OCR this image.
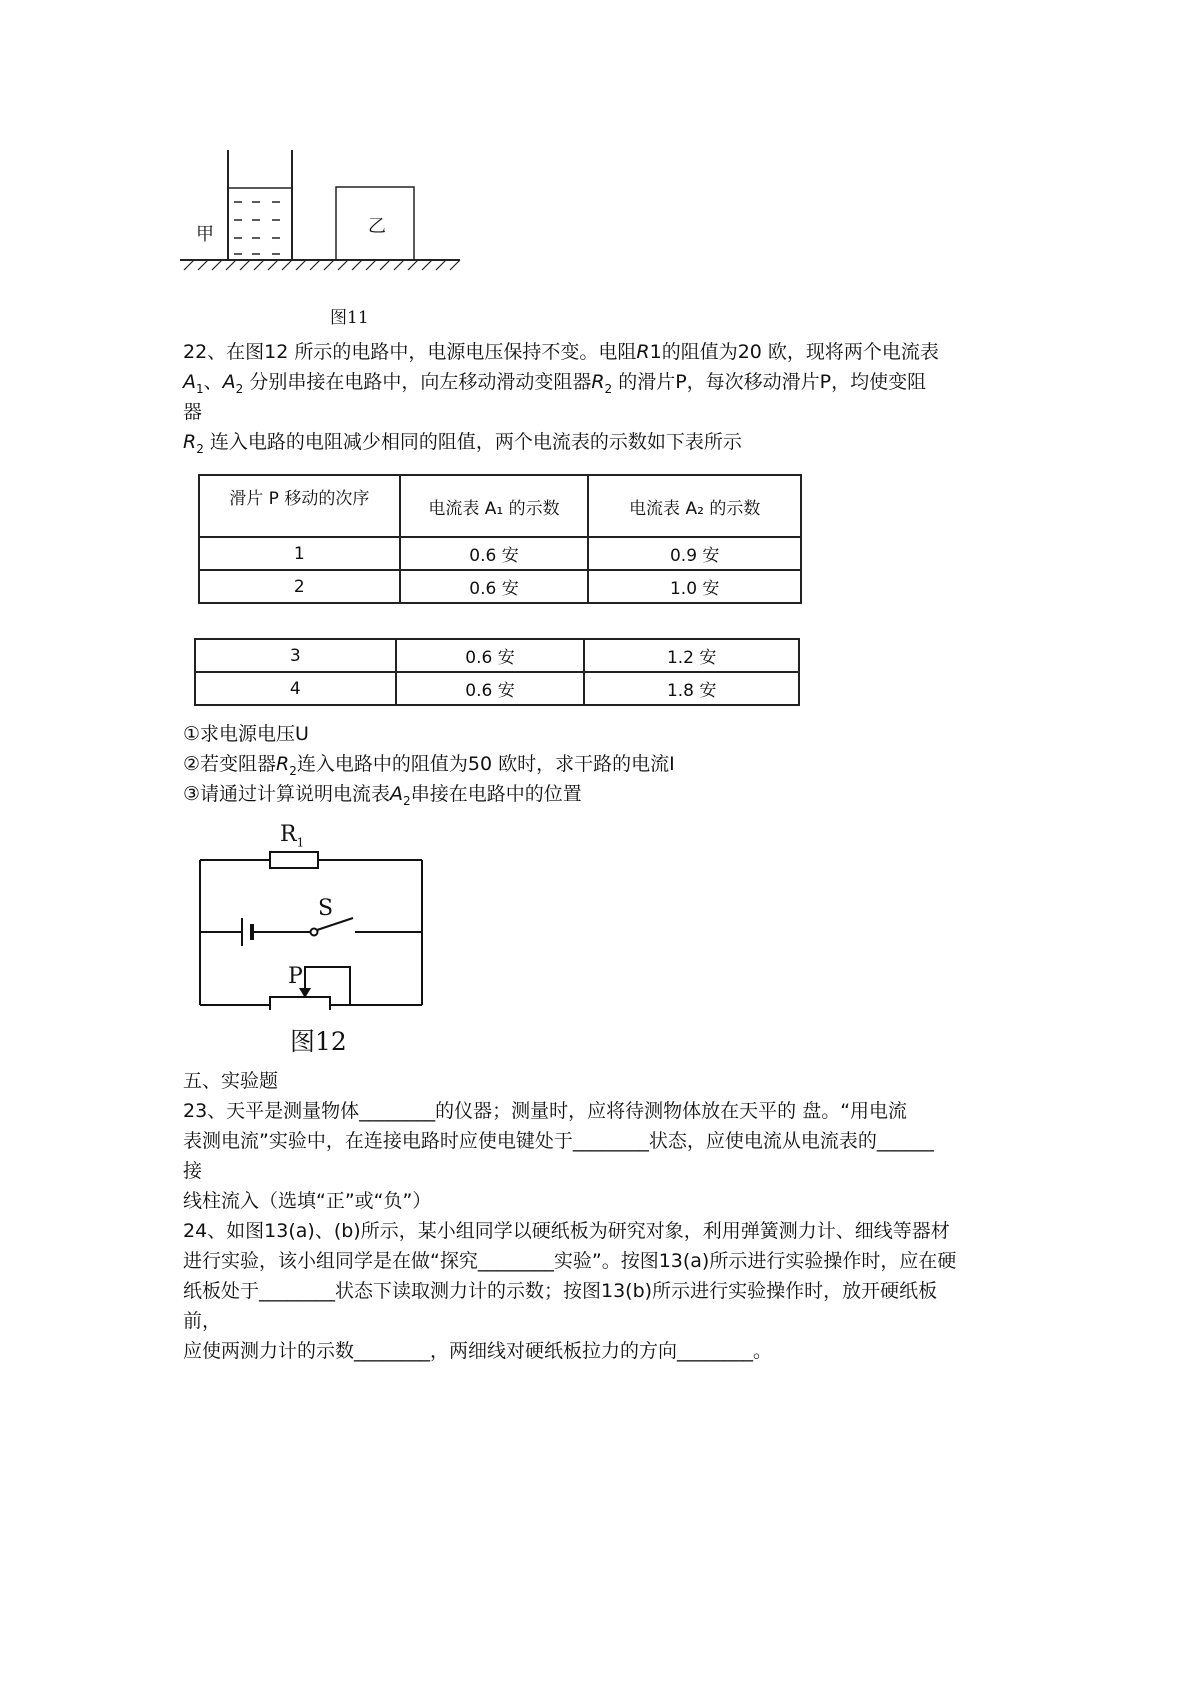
甲	乙
图11
22、在图12 所示的电路中，电源电压保持不变。电阻R1的阻值为20 欧，现将两个电流表
$A_1$、$A_2$ 分别串接在电路中，向左移动滑动变阻器$R_2$ 的滑片P，每次移动滑片P，均使变阻
器
$R_2$ 连入电路的电阻减少相同的阻值，两个电流表的示数如下表所示
滑片 P 移动的次序	电流表 A₁ 的示数	电流表 A₂ 的示数
1	0.6 安	0.9 安
2	0.6 安	1.0 安
3	0.6 安	1.2 安
4	0.6 安	1.8 安
①求电源电压U
②若变阻器$R_2$连入电路中的阻值为50 欧时，求干路的电流I
③请通过计算说明电流表$A_2$串接在电路中的位置
$R_1$
S
P
图12
五、实验题
23、天平是测量物体________的仪器；测量时，应将待测物体放在天平的 盘。“用电流
表测电流”实验中，在连接电路时应使电键处于________状态，应使电流从电流表的______
接
线柱流入（选填“正”或“负”）
24、如图13(a)、(b)所示，某小组同学以硬纸板为研究对象，利用弹簧测力计、细线等器材
进行实验，该小组同学是在做“探究________实验”。按图13(a)所示进行实验操作时，应在硬
纸板处于________状态下读取测力计的示数；按图13(b)所示进行实验操作时，放开硬纸板
前，
应使两测力计的示数________，两细线对硬纸板拉力的方向________。
